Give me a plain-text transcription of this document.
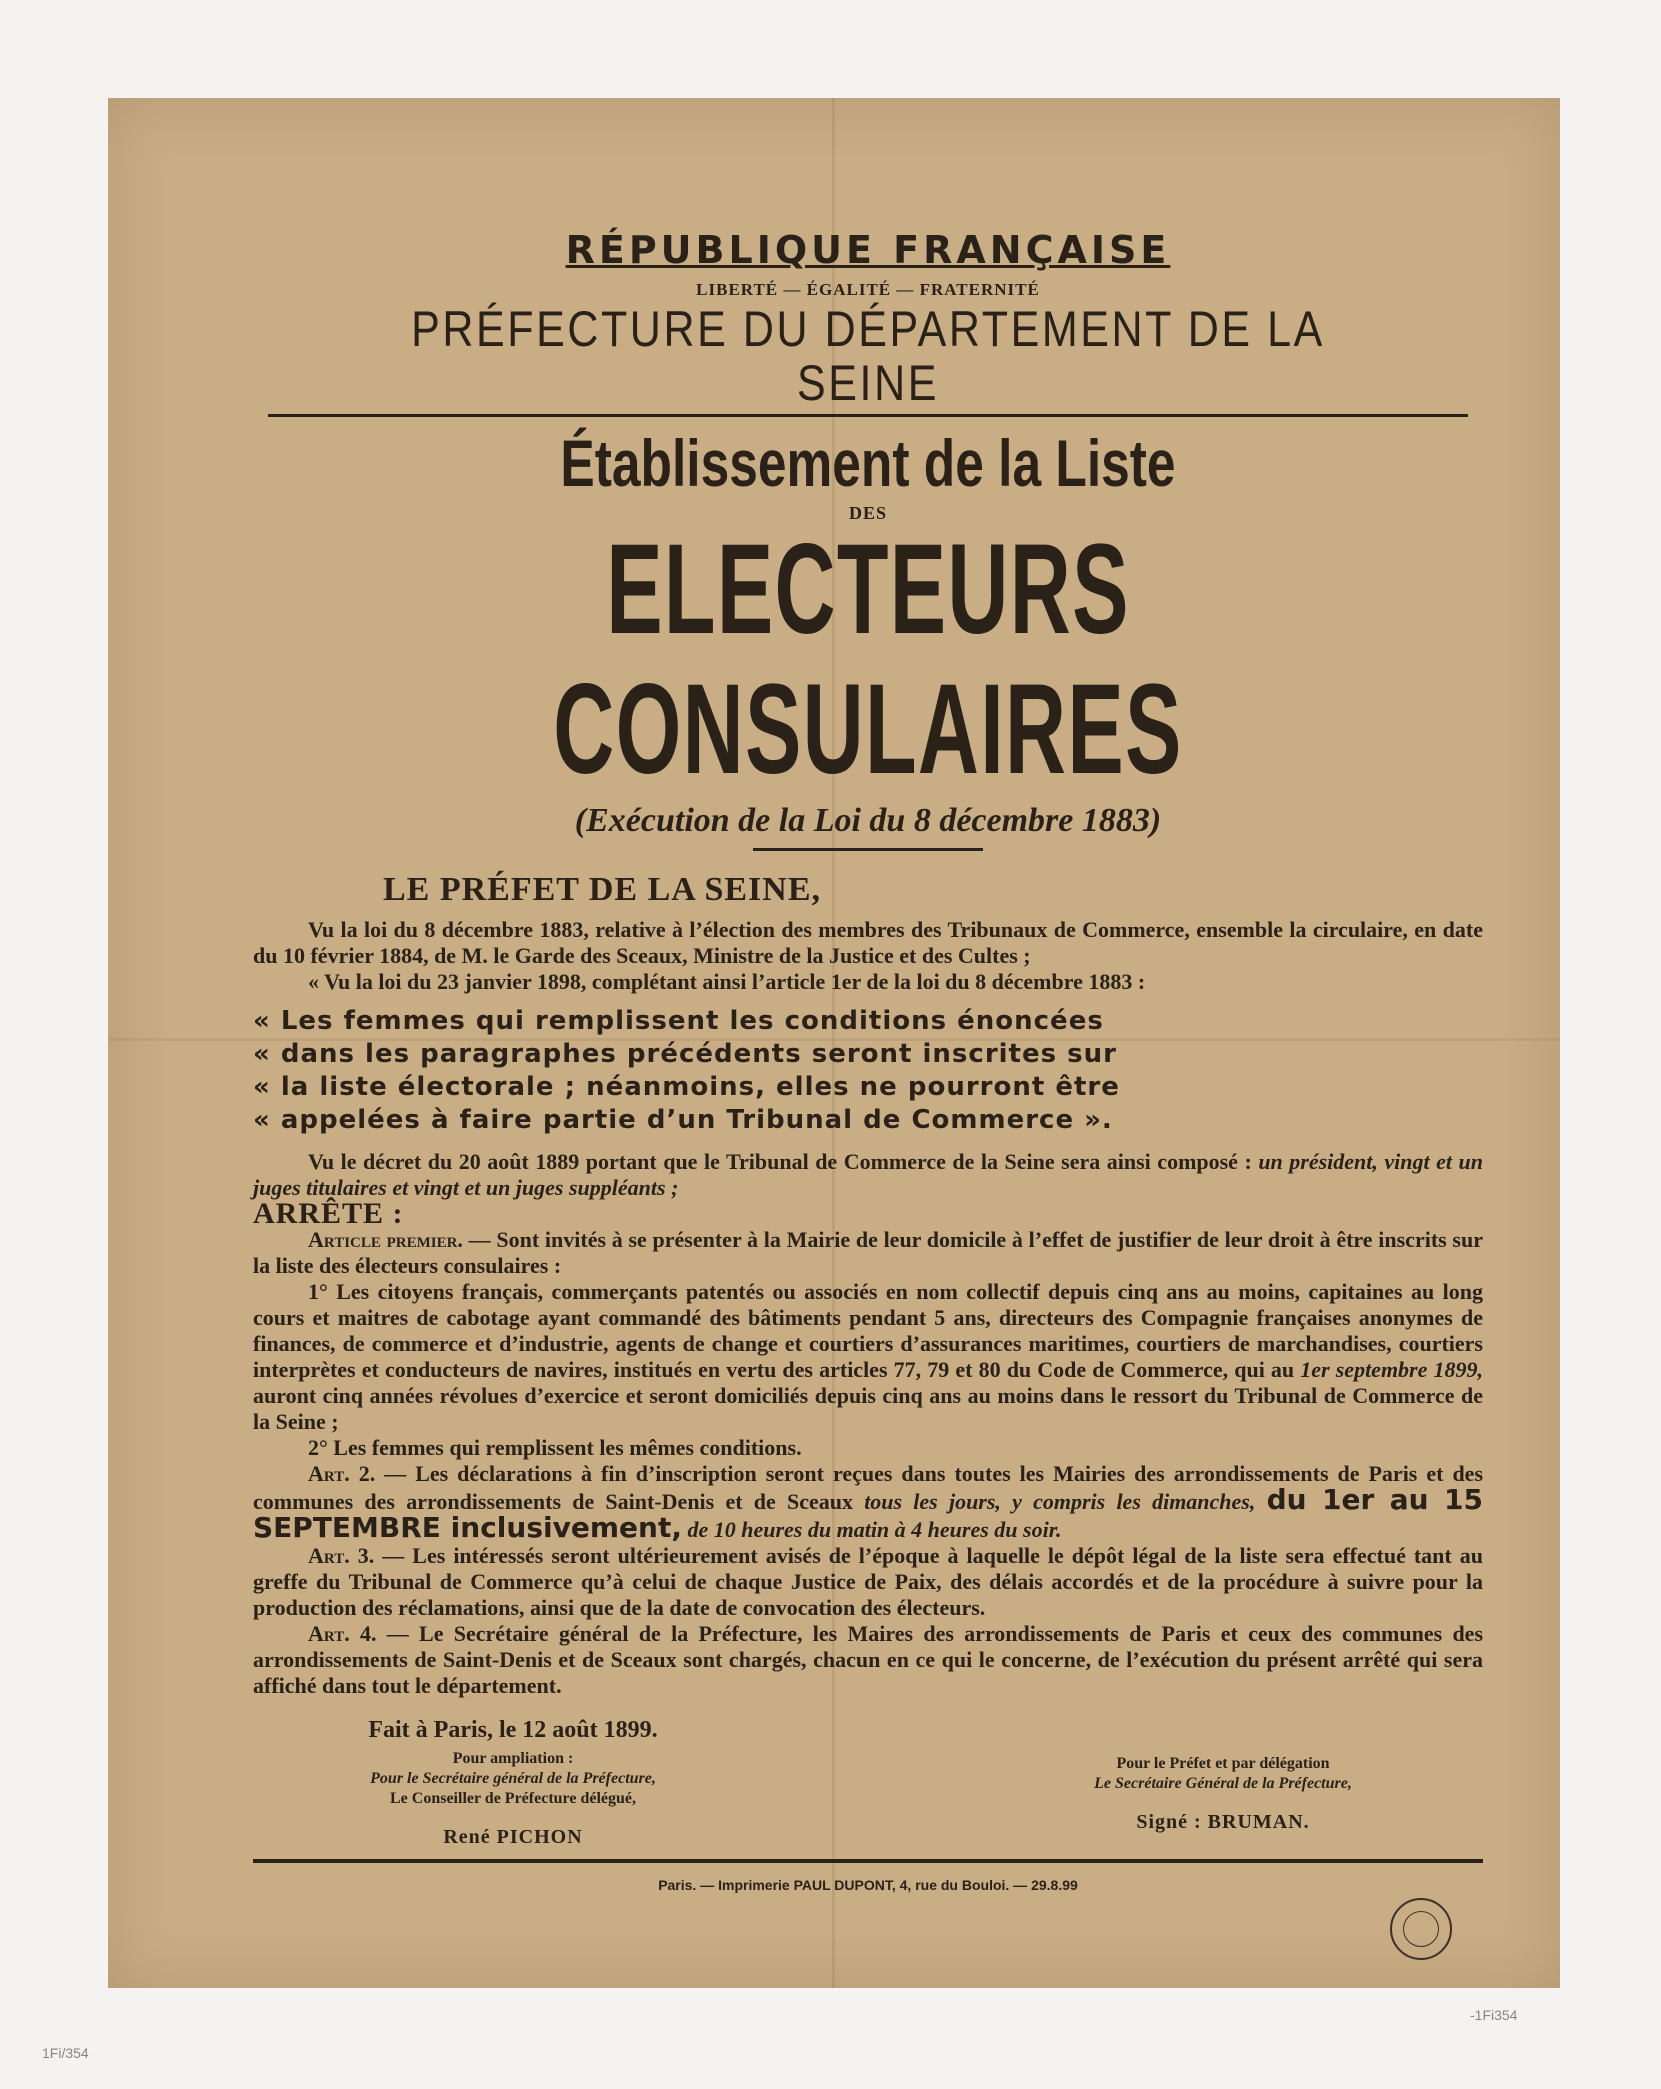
RÉPUBLIQUE FRANÇAISE

LIBERTÉ — ÉGALITÉ — FRATERNITÉ

PRÉFECTURE DU DÉPARTEMENT DE LA SEINE

Établissement de la Liste

DES

ELECTEURS CONSULAIRES

(Exécution de la Loi du 8 décembre 1883)

LE PRÉFET DE LA SEINE,

Vu la loi du 8 décembre 1883, relative à l’élection des membres des Tribunaux de Commerce, ensemble la circulaire, en date du 10 février 1884, de M. le Garde des Sceaux, Ministre de la Justice et des Cultes ;

« Vu la loi du 23 janvier 1898, complétant ainsi l’article 1er de la loi du 8 décembre 1883 :

« Les femmes qui remplissent les conditions énoncées

« dans les paragraphes précédents seront inscrites sur

« la liste électorale ; néanmoins, elles ne pourront être

« appelées à faire partie d’un Tribunal de Commerce ».

Vu le décret du 20 août 1889 portant que le Tribunal de Commerce de la Seine sera ainsi composé : un président, vingt et un juges titulaires et vingt et un juges suppléants ;

ARRÊTE :

Article premier. — Sont invités à se présenter à la Mairie de leur domicile à l’effet de justifier de leur droit à être inscrits sur la liste des électeurs consulaires :

1° Les citoyens français, commerçants patentés ou associés en nom collectif depuis cinq ans au moins, capitaines au long cours et maitres de cabotage ayant commandé des bâtiments pendant 5 ans, directeurs des Compagnie françaises anonymes de finances, de commerce et d’industrie, agents de change et courtiers d’assurances maritimes, courtiers de marchandises, courtiers interprètes et conducteurs de navires, institués en vertu des articles 77, 79 et 80 du Code de Commerce, qui au 1er septembre 1899, auront cinq années révolues d’exercice et seront domiciliés depuis cinq ans au moins dans le ressort du Tribunal de Commerce de la Seine ;

2° Les femmes qui remplissent les mêmes conditions.

Art. 2. — Les déclarations à fin d’inscription seront reçues dans toutes les Mairies des arrondissements de Paris et des communes des arrondissements de Saint-Denis et de Sceaux tous les jours, y compris les dimanches, du 1er au 15 SEPTEMBRE inclusivement, de 10 heures du matin à 4 heures du soir.

Art. 3. — Les intéressés seront ultérieurement avisés de l’époque à laquelle le dépôt légal de la liste sera effectué tant au greffe du Tribunal de Commerce qu’à celui de chaque Justice de Paix, des délais accordés et de la procédure à suivre pour la production des réclamations, ainsi que de la date de convocation des électeurs.

Art. 4. — Le Secrétaire général de la Préfecture, les Maires des arrondissements de Paris et ceux des communes des arrondissements de Saint-Denis et de Sceaux sont chargés, chacun en ce qui le concerne, de l’exécution du présent arrêté qui sera affiché dans tout le département.

Fait à Paris, le 12 août 1899.

Pour ampliation :

Pour le Secrétaire général de la Préfecture,

Le Conseiller de Préfecture délégué,

René PICHON

Pour le Préfet et par délégation

Le Secrétaire Général de la Préfecture,

Signé : BRUMAN.

Paris. — Imprimerie PAUL DUPONT, 4, rue du Bouloi. — 29.8.99

-1Fi354
1Fi/354
